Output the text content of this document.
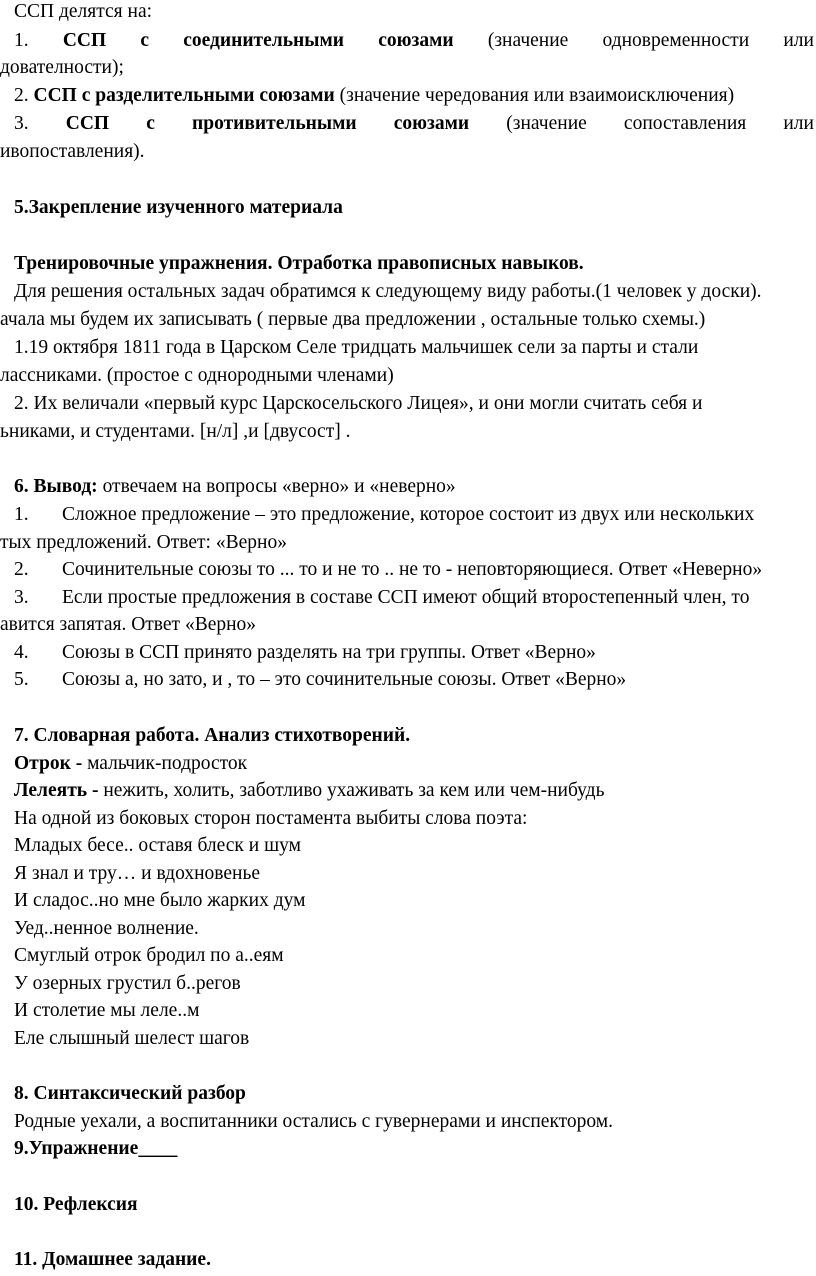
ССП делятся на:
1. ССП с соединительными союзами (значение одновременности или
дователности);
2. ССП с разделительными союзами (значение чередования или взаимоисключения)
3. ССП с противительными союзами (значение сопоставления или
ивопоставления).
5.Закрепление изученного материала
Тренировочные упражнения. Отработка правописных навыков.
Для решения остальных задач обратимся к следующему виду работы.(1 человек у доски).
ачала мы будем их записывать ( первые два предложении , остальные только схемы.)
1.19 октября 1811 года в Царском Селе тридцать мальчишек сели за парты и стали
лассниками. (простое с однородными членами)
2. Их величали «первый курс Царскосельского Лицея», и они могли считать себя и
ьниками, и студентами. [н/л] ,и [двусост] .
6. Вывод: отвечаем на вопросы «верно» и «неверно»
1. Сложное предложение – это предложение, которое состоит из двух или нескольких
тых предложений. Ответ: «Верно»
2. Сочинительные союзы то ... то и не то .. не то - неповторяющиеся. Ответ «Неверно»
3. Если простые предложения в составе ССП имеют общий второстепенный член, то
авится запятая. Ответ «Верно»
4. Союзы в ССП принято разделять на три группы. Ответ «Верно»
5. Союзы а, но зато, и , то – это сочинительные союзы. Ответ «Верно»
7. Словарная работа. Анализ стихотворений.
Отрок - мальчик-подросток
Лелеять - нежить, холить, заботливо ухаживать за кем или чем-нибудь
На одной из боковых сторон постамента выбиты слова поэта:
Младых бесе.. оставя блеск и шум
Я знал и тру… и вдохновенье
И сладос..но мне было жарких дум
Уед..ненное волнение.
Смуглый отрок бродил по а..еям
У озерных грустил б..регов
И столетие мы леле..м
Еле слышный шелест шагов
8. Синтаксический разбор
Родные уехали, а воспитанники остались с гувернерами и инспектором.
9.Упражнение____
10. Рефлексия
11. Домашнее задание.
